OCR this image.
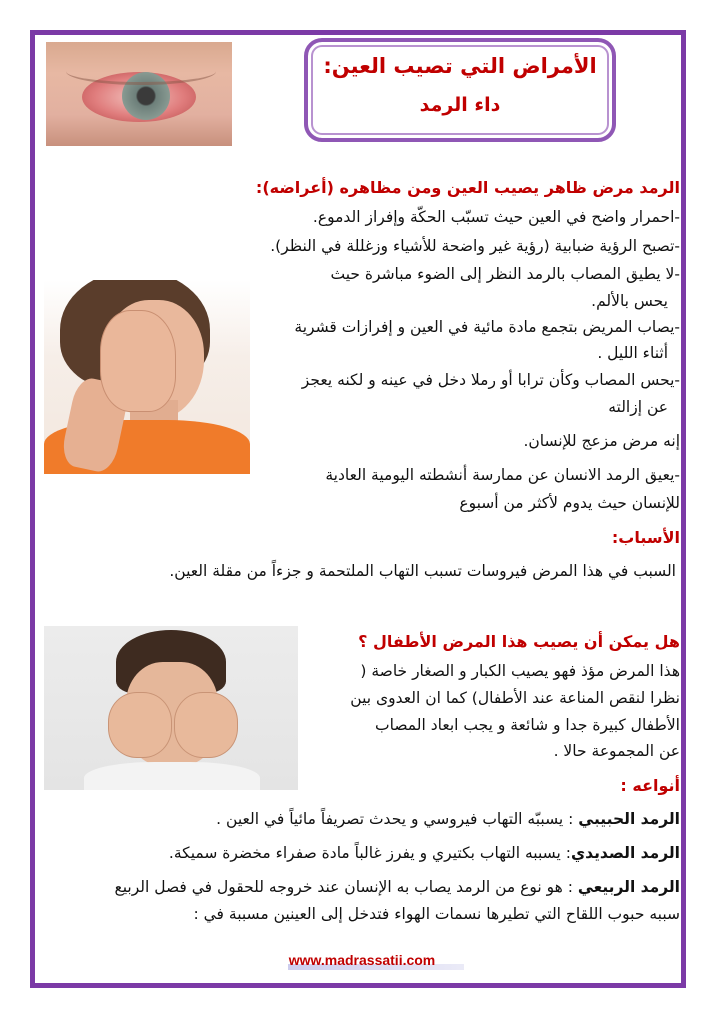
الأمراض التي تصيب العين:
داء الرمد
الرمد مرض ظاهر يصيب العين ومن مظاهره (أعراضه):
-احمرار واضح في العين حيث تسبّب الحكّة وإفراز الدموع.
-تصبح الرؤية ضبابية (رؤية غير واضحة للأشياء وزغللة في النظر).
-لا يطيق المصاب بالرمد النظر إلى الضوء مباشرة حيث
يحس بالألم.
-يصاب المريض بتجمع مادة مائية في العين و إفرازات قشرية
أثناء الليل .
-يحس المصاب وكأن ترابا أو رملا دخل في عينه و لكنه يعجز
عن إزالته
إنه مرض مزعج للإنسان.
-يعيق الرمد الانسان عن ممارسة أنشطته اليومية العادية
للإنسان حيث يدوم لأكثر من أسبوع
الأسباب:
السبب في هذا المرض فيروسات تسبب التهاب الملتحمة و جزءاً من مقلة العين.
هل يمكن أن يصيب هذا المرض الأطفال ؟
هذا المرض مؤذ فهو يصيب الكبار و الصغار خاصة (
نظرا لنقص المناعة عند الأطفال) كما ان العدوى بين
الأطفال كبيرة جدا و شائعة و يجب ابعاد المصاب
عن المجموعة حالا .
أنواعه :
الرمد الحبيبي : يسببّه التهاب فيروسي و يحدث تصريفاً مائياً في العين .
الرمد الصديدي: يسببه التهاب بكتيري و يفرز غالباً مادة صفراء مخضرة سميكة.
الرمد الربيعي : هو نوع من الرمد يصاب به الإنسان عند خروجه للحقول في فصل الربيع
سببه حبوب اللقاح التي تطيرها نسمات الهواء فتدخل إلى العينين مسببة في :
www.madrassatii.com
